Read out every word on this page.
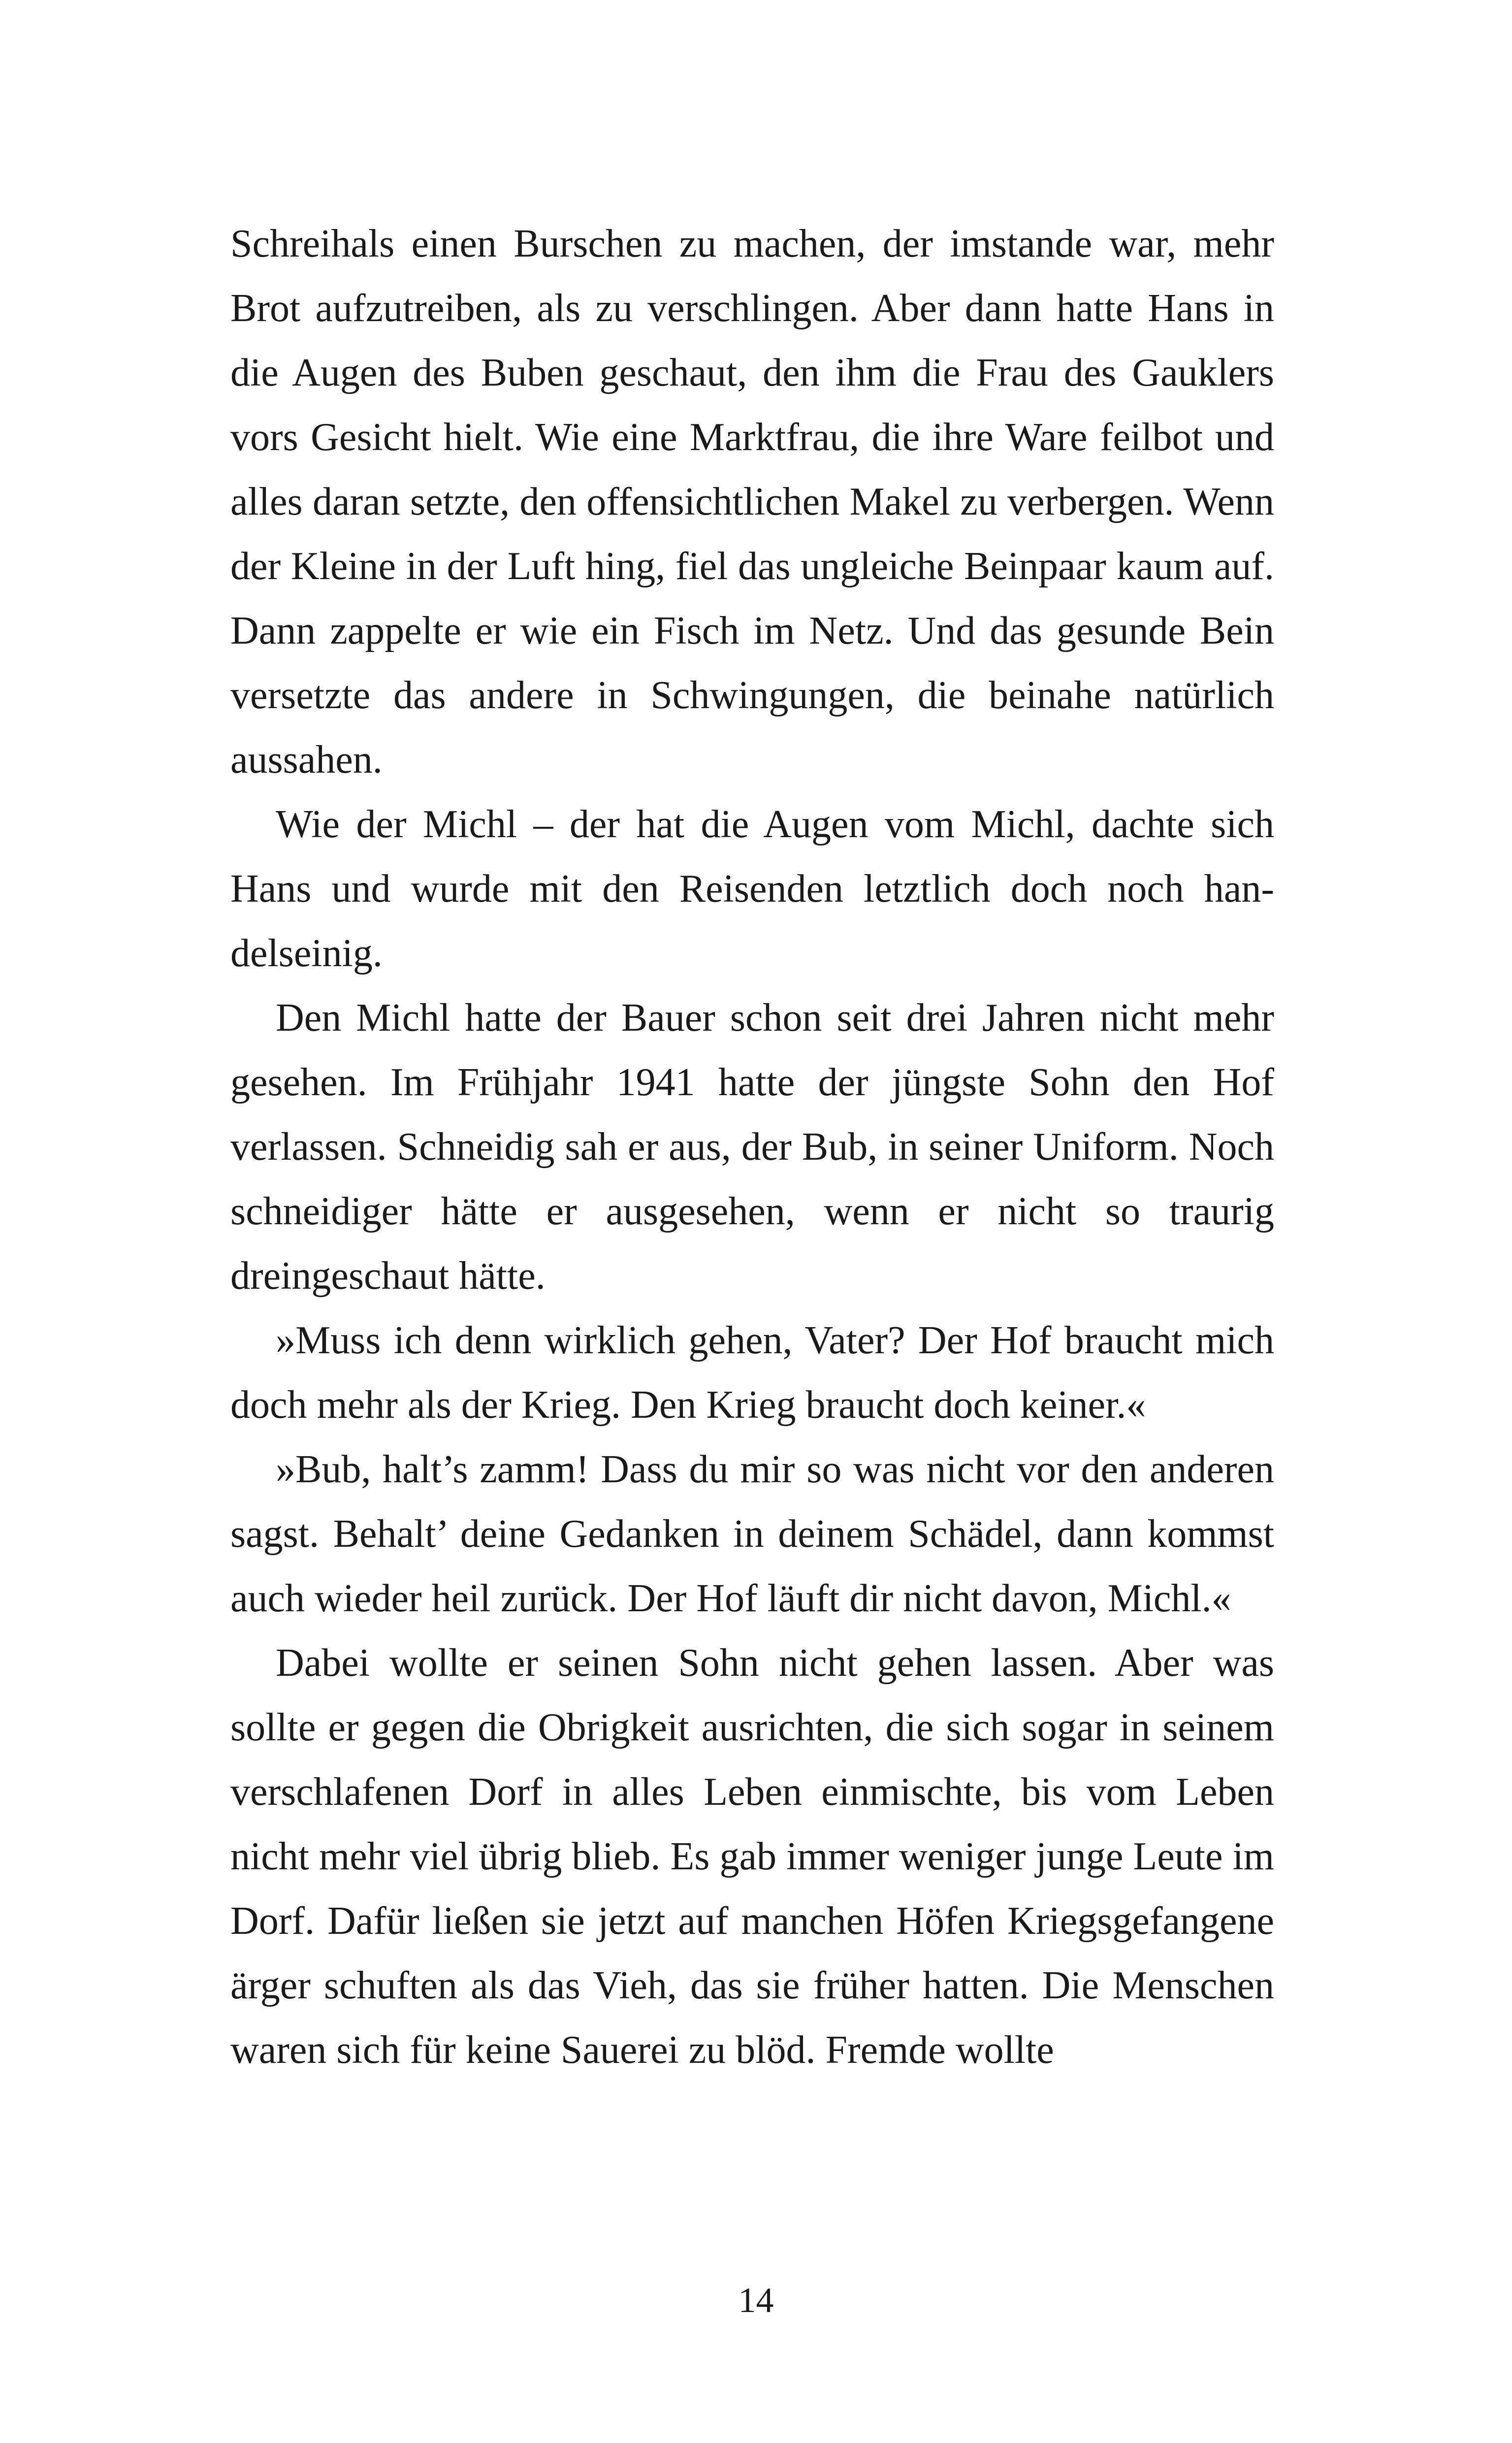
Schreihals einen Burschen zu machen, der imstande war, mehr Brot aufzutreiben, als zu verschlingen. Aber dann hatte Hans in die Augen des Buben geschaut, den ihm die Frau des Gauklers vors Gesicht hielt. Wie eine Marktfrau, die ihre Ware feilbot und alles daran setzte, den offensichtlichen Makel zu verbergen. Wenn der Kleine in der Luft hing, fiel das ungleiche Beinpaar kaum auf. Dann zappelte er wie ein Fisch im Netz. Und das gesunde Bein versetzte das andere in Schwingungen, die beinahe natürlich aussahen.

Wie der Michl – der hat die Augen vom Michl, dachte sich Hans und wurde mit den Reisenden letztlich doch noch handelseinig.

Den Michl hatte der Bauer schon seit drei Jahren nicht mehr gesehen. Im Frühjahr 1941 hatte der jüngste Sohn den Hof verlassen. Schneidig sah er aus, der Bub, in seiner Uniform. Noch schneidiger hätte er ausgesehen, wenn er nicht so traurig dreingeschaut hätte.

»Muss ich denn wirklich gehen, Vater? Der Hof braucht mich doch mehr als der Krieg. Den Krieg braucht doch keiner.«

»Bub, halt’s zamm! Dass du mir so was nicht vor den anderen sagst. Behalt’ deine Gedanken in deinem Schädel, dann kommst auch wieder heil zurück. Der Hof läuft dir nicht davon, Michl.«

Dabei wollte er seinen Sohn nicht gehen lassen. Aber was sollte er gegen die Obrigkeit ausrichten, die sich sogar in seinem verschlafenen Dorf in alles Leben einmischte, bis vom Leben nicht mehr viel übrig blieb. Es gab immer weniger junge Leute im Dorf. Dafür ließen sie jetzt auf manchen Höfen Kriegsgefangene ärger schuften als das Vieh, das sie früher hatten. Die Menschen waren sich für keine Sauerei zu blöd. Fremde wollte

14
